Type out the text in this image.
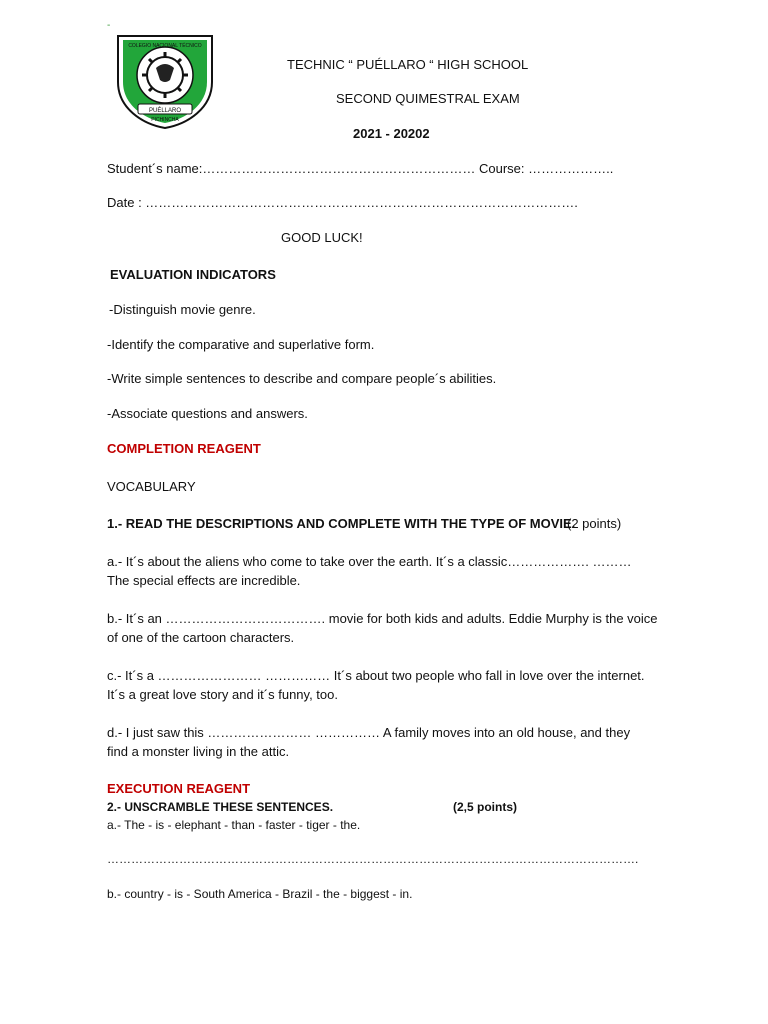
-
PUÉLLARO
PICHINCHA
COLEGIO NACIONAL TÉCNICO
TECHNIC “ PUÉLLARO “ HIGH SCHOOL
SECOND QUIMESTRAL EXAM
2021 - 20202
Student´s name:……………………………………………………… Course: ………………..
Date : ……………………………………………………………………………………….
GOOD LUCK!
EVALUATION INDICATORS
-Distinguish movie genre.
-Identify the comparative and superlative form.
-Write simple sentences to describe and compare people´s abilities.
-Associate questions and answers.
COMPLETION REAGENT
VOCABULARY
1.- READ THE DESCRIPTIONS AND COMPLETE WITH THE TYPE OF MOVIE.
(2 points)
a.- It´s about the aliens who come to take over the earth. It´s a classic………………. ………
The special effects are incredible.
b.- It´s an ………………………………. movie for both kids and adults. Eddie Murphy is the voice
of one of the cartoon characters.
c.- It´s a …………………… …………… It´s about two people who fall in love over the internet.
It´s a great love story and it´s funny, too.
d.- I just saw this …………………… …………… A family moves into an old house, and they
find a monster living in the attic.
EXECUTION REAGENT
2.- UNSCRAMBLE THESE SENTENCES.	(2,5 points)
a.- The - is - elephant - than - faster - tiger - the.
…………………………………………………………………………………………………………………….
b.- country - is - South America - Brazil - the - biggest - in.
